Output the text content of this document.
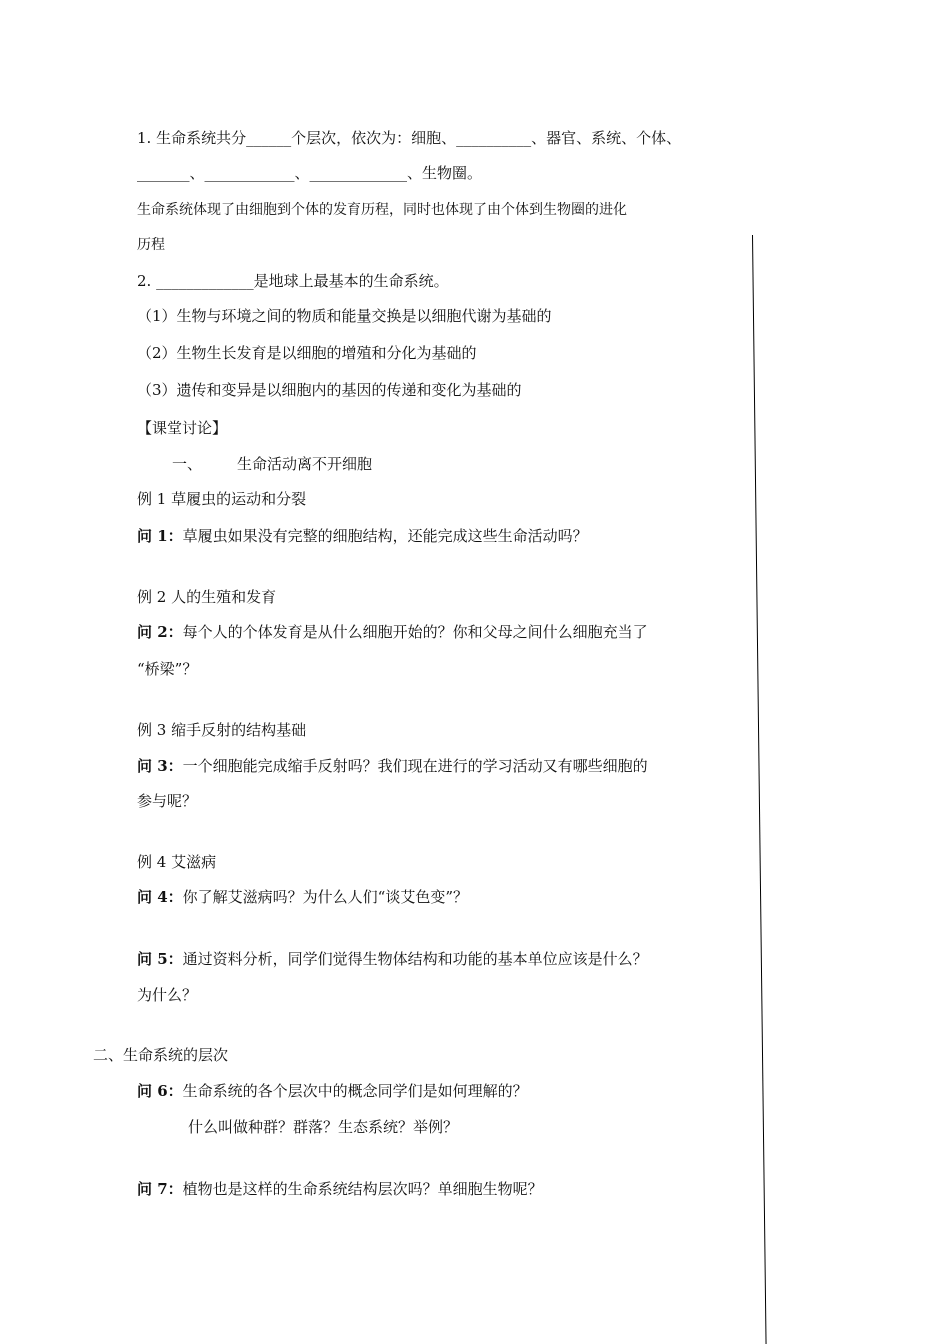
1. 生命系统共分______个层次，依次为：细胞、__________、器官、系统、个体、
_______、____________、_____________、生物圈。
生命系统体现了由细胞到个体的发育历程，同时也体现了由个体到生物圈的进化
历程
2. _____________是地球上最基本的生命系统。
（1）生物与环境之间的物质和能量交换是以细胞代谢为基础的
（2）生物生长发育是以细胞的增殖和分化为基础的
（3）遗传和变异是以细胞内的基因的传递和变化为基础的
【课堂讨论】
一、 生命活动离不开细胞
例 1 草履虫的运动和分裂
问 1：草履虫如果没有完整的细胞结构，还能完成这些生命活动吗？
例 2 人的生殖和发育
问 2：每个人的个体发育是从什么细胞开始的？你和父母之间什么细胞充当了
“桥梁”？
例 3 缩手反射的结构基础
问 3：一个细胞能完成缩手反射吗？我们现在进行的学习活动又有哪些细胞的
参与呢？
例 4 艾滋病
问 4：你了解艾滋病吗？为什么人们“谈艾色变”？
问 5：通过资料分析，同学们觉得生物体结构和功能的基本单位应该是什么？
为什么？
二、生命系统的层次
问 6：生命系统的各个层次中的概念同学们是如何理解的？
什么叫做种群？群落？生态系统？举例？
问 7：植物也是这样的生命系统结构层次吗？单细胞生物呢？
